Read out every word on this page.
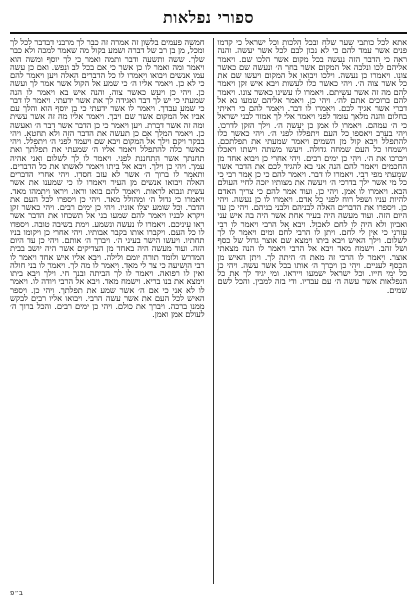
ספורי נפלאות
אתא לכל כותבי שער שלח ובכל הלכות וכל ישראל כי קדמו פנים אשר עמד להם כי לא נכון לבם לכל אשר יעשה. והנה ראה כי הדבר הזה נעשה בכל מקום אשר הלכו שם. ויאמר אליהם לכו ונלכה אל המקום אשר בחר ה׳ ונעשה שם כאשר צונו. ויאמרו כן נעשה. וילכו ויבואו אל המקום ויעשו שם את כל אשר צוה ה׳. ויהי כאשר כלו לעשות ויבא איש זקן ויאמר להם מה זה אשר עשיתם. ויאמרו לו עשינו כאשר צונו. ויאמר להם ברוכים אתם לה׳. ויהי כן. ויאמר אליהם שמעו נא אל דברי אשר אגיד לכם. ויאמרו לו דבר. ויאמר להם כי ראיתי בחלום והנה מלאך עומד לפני ויאמר אלי לך אמור לבני ישראל כי ה׳ עמהם. ויאמרו לו אמן כן יעשה ה׳. וילך הזקן לדרכו. ויהי בערב ויאספו כל העם ויתפללו לפני ה׳. ויהי כאשר כלו להתפלל ויבא קול מן השמים ויאמר שמעתי את תפלתכם. וישמחו כל העם שמחה גדולה. ויעשו משתה וישתו ויאכלו ויברכו את ה׳. ויהי כן ימים רבים. ויהי אחרי כן ויבוא אחד מן החכמים ויאמר להם הנה אני בא להגיד לכם את הדבר אשר שמעתי מפי רבי. ויאמרו לו דבר. ויאמר להם כי כן אמר רבי כי כל מי אשר ילך בדרכי ה׳ ויעשה את מצותיו יזכה לחיי העולם הבא. ויאמרו לו אמן. ויהי כן. ועוד אמר להם כי צריך האדם להיות עניו ושפל רוח לפני כל אדם. ויאמרו לו כן נעשה. ויהי כן. ויספרו את הדברים האלה לבניהם ולבני בניהם. ויהי כן עד היום הזה. ועוד מעשה היה בעיר אחת אשר היה בה איש עני ואביון ולא היה לו לחם לאכול. ויבא אל הרבי ויאמר לו רבי עזרני כי אין לי לחם. ויתן לו הרבי לחם ומים ויאמר לו לך לשלום. וילך האיש ויבא ביתו וימצא שם אוצר גדול של כסף ושל זהב. וישמח מאד ויבא אל הרבי ויאמר לו הנה מצאתי אוצר. ויאמר לו הרבי זה מאת ה׳ היתה לך. ויתן האיש מן הכסף לעניים. ויהי כן ויברך ה׳ אותו בכל אשר עשה. ויהי כן כל ימי חייו. וכל ישראל ישמעו וייראו. ומי יגיד לך את כל הנפלאות אשר עשה ה׳ עם עבדיו. ודי בזה למבין. והכל לשם שמים.
חמשה פעמים בלשון זה אמרה זה כבר לך מרבני דבדבר לכל לך ומכל, מן בן רב של דברה ושמע בקול מה שאמר למכה ולא כבר שלך. ששה ותשעה ודבר ותמה ואמר כי לך יוסף ומשה הוא ויאמר ומה ואמר לו כן אשר כי אם בכל לב ונפש. ואם כן עשה עמו אנשים ויבואו ויאמרו לו כל הדברים האלה ויען ויאמר להם כי לא כן. ויאמר אליו ה׳ כי שמע אל הקול אשר אמר לך ועשה כן. ויהי כן ויעש כאשר צוה. והנה איש בא ויאמר לו הנה שמעתי כי יש לך דבר ואגידה לך את אשר ידעתי. ויאמר לו דבר כי שמע עבדך. ויאמר לו אשר ידעתי כי בן יוסף הוא והלך עם אביו אל המקום אשר שם ויבך. ויאמר אליו מה זה אשר עשית ומה זה אשר דברת. ויען ויאמר כי כן הדבר אשר דבר ה׳ ואעשה כן. ויאמר המלך אם כן תעשה את הדבר הזה ולא תחטא. ויהי בבקר ויקם וילך אל המקום ויבא שם ויעמד לפני ה׳ ויתפלל. ויהי כאשר כלה להתפלל ויאמר אליו ה׳ שמעתי את תפלתך ואת תחנתך אשר התחננת לפני. ויאמר לו לך לשלום ואני אהיה עמך. ויהי כן וילך. ויבא אל ביתו ויאמר לאשתו את כל הדברים. ותאמר לו ברוך ה׳ אשר לא עזב חסדו. ויהי אחרי הדברים האלה ויבואו אנשים מן העיר ויאמרו לו כי שמענו את אשר עשית ונבוא לראות. ויאמר להם בואו וראו. ויראו ויתמהו מאד. ויאמרו כי גדול ה׳ ומהולל מאד. ויהי כן ויספרו לכל העם את הדבר. וכל שומע יצלו אזניו. ויהי כן ימים רבים. ויהי כאשר זקן ויקרא לבניו ויאמר להם שמעו בני אל תשכחו את הדבר אשר ראו עיניכם. ויאמרו לו נעשה ונשמע. וימת בשיבה טובה. ויספדו לו כל העם. ויקברו אותו בקבר אבותיו. ויהי אחרי כן ויקומו בניו תחתיו. ויעשו הישר בעיני ה׳. ויברך ה׳ אותם. ויהי כן עד היום הזה. ועוד מעשה היה באחד מן הצדיקים אשר היה יושב בבית המדרש ולומד תורה יומם ולילה. ויבא אליו איש אחד ויאמר לו רבי הושיעה כי צר לי מאד. ויאמר לו מה לך. ויאמר לו בני חולה ואין לו רפואה. ויאמר לו לך הביתה ובנך חי. וילך ויבא ביתו וימצא את בנו בריא. וישמח מאד. ויבא אל הרבי ויודה לו. ויאמר לו לא אני כי אם ה׳ אשר שמע את תפלתך. ויהי כן. ויספר האיש לכל העם את אשר עשה הרבי. ויבואו אליו רבים לבקש ממנו ברכה. ויברך את כולם. ויהי כן ימים רבים. והכל ברוך ה׳ לעולם אמן ואמן.
ב״פ
